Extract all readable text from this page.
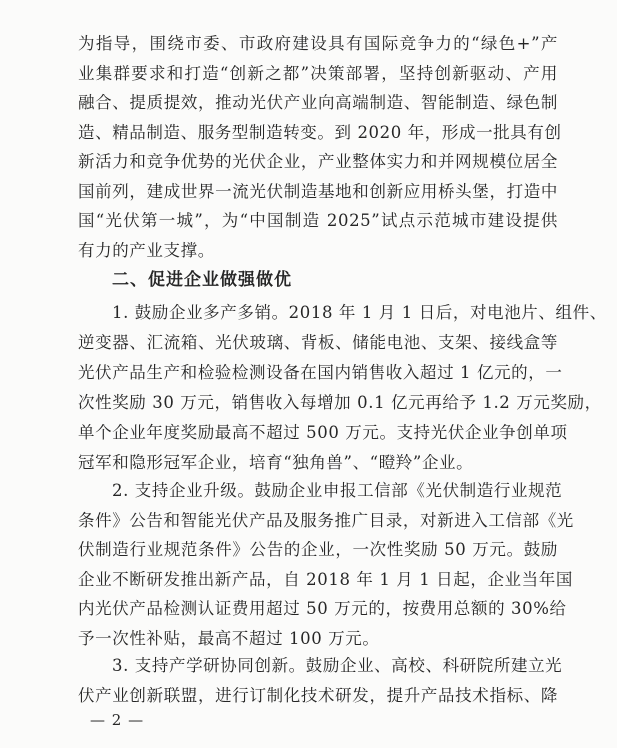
为指导，围绕市委、市政府建设具有国际竞争力的“绿色+”产
业集群要求和打造“创新之都”决策部署，坚持创新驱动、产用
融合、提质提效，推动光伏产业向高端制造、智能制造、绿色制
造、精品制造、服务型制造转变。到 2020 年，形成一批具有创
新活力和竞争优势的光伏企业，产业整体实力和并网规模位居全
国前列，建成世界一流光伏制造基地和创新应用桥头堡，打造中
国“光伏第一城”，为“中国制造 2025”试点示范城市建设提供
有力的产业支撑。
二、促进企业做强做优
1. 鼓励企业多产多销。2018 年 1 月 1 日后，对电池片、组件、
逆变器、汇流箱、光伏玻璃、背板、储能电池、支架、接线盒等
光伏产品生产和检验检测设备在国内销售收入超过 1 亿元的，一
次性奖励 30 万元，销售收入每增加 0.1 亿元再给予 1.2 万元奖励，
单个企业年度奖励最高不超过 500 万元。支持光伏企业争创单项
冠军和隐形冠军企业，培育“独角兽”、“瞪羚”企业。
2. 支持企业升级。鼓励企业申报工信部《光伏制造行业规范
条件》公告和智能光伏产品及服务推广目录，对新进入工信部《光
伏制造行业规范条件》公告的企业，一次性奖励 50 万元。鼓励
企业不断研发推出新产品，自 2018 年 1 月 1 日起，企业当年国
内光伏产品检测认证费用超过 50 万元的，按费用总额的 30%给
予一次性补贴，最高不超过 100 万元。
3. 支持产学研协同创新。鼓励企业、高校、科研院所建立光
伏产业创新联盟，进行订制化技术研发，提升产品技术指标、降
— 2 —
